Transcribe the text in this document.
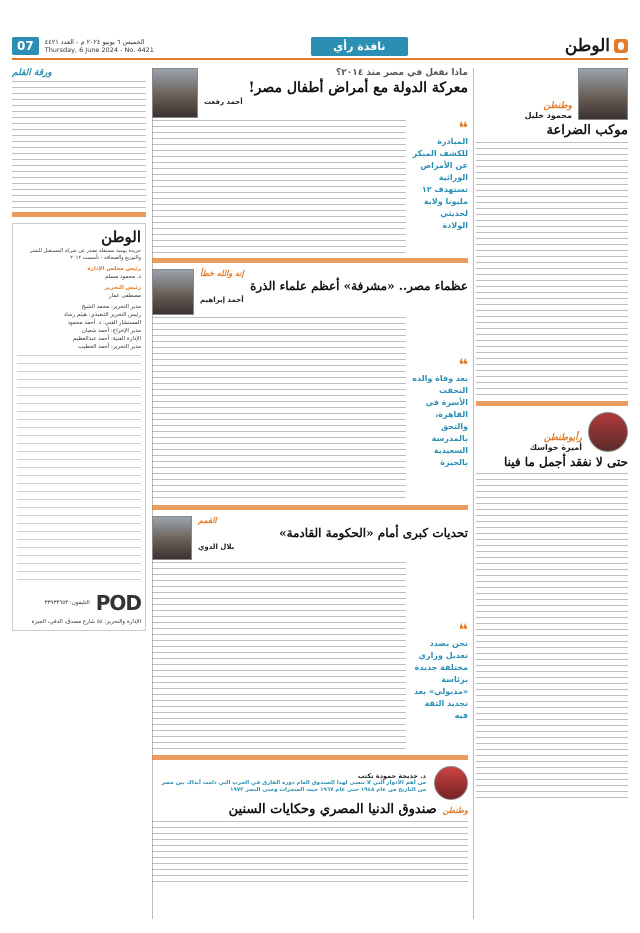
الوطن
نافذة رأي
الخميس ٦ يونيو ٢٠٢٤ م - العدد ٤٤٢١
Thursday, 6 June 2024 - No. 4421
07
وطنطن
محمود خليل
موكب الضراعة
رأيوطنطن
أميرة خواسك
حتى لا نفقد أجمل ما فينا
ماذا نفعل في مصر منذ ٢٠١٤؟
معركة الدولة مع أمراض أطفال مصر!
أحمد رفعت
❝
المبادرة للكشف المبكر عن الأمراض الوراثية تستهدف ١٢ مليونا ولاية لحديثي الولادة
إنه والله خطأ
عظماء مصر.. «مشرفة» أعظم علماء الذرة
أحمد إبراهيم
❝
بعد وفاة والده التحقت الأسرة في القاهرة، والتحق بالمدرسة السعيدية بالجيزة
القمم
تحديات كبرى أمام «الحكومة القادمة»
بلال الدوي
❝
نحن بصدد تعديل وزاري مختلفة جديدة برئاسة «مدبولي» بعد تجديد الثقة فيه
د. خديجة حمودة تكتب
من أهم الأدوار التي لا تنسى لهذا الصندوق العام دوره الفارق في الحرب التي دامت آنذاك بين مصر من التاريخ من عام ١٩٤٨ حتى عام ١٩٦٧ حيث المنجزات وحتى النصر ١٩٧٣
وطنطن
صندوق الدنيا المصري وحكايات السنين
ورقة القلم
الوطن
جريدة يومية مستقلة تصدر عن شركة المستقبل للنشر والتوزيع والصحافة - تأسست ٢٠١٢
رئيس مجلس الإدارة
د. محمود مسلم
رئيس التحرير
مصطفى عمار
مدير التحرير: محمد الشيخ
رئيس التحرير التنفيذي: هيثم رشاد
المستشار الفني: د. أحمد محمود
مدير الإخراج: أحمد شعبان
الإدارة الفنية: أحمد عبدالعظيم
مدير التحرير: أحمد الخطيب
POD
التليفون: ٣٣٩٣٣٦٥٣
الإدارة والتحرير: ٥٤ شارع مصدق، الدقي، الجيزة
